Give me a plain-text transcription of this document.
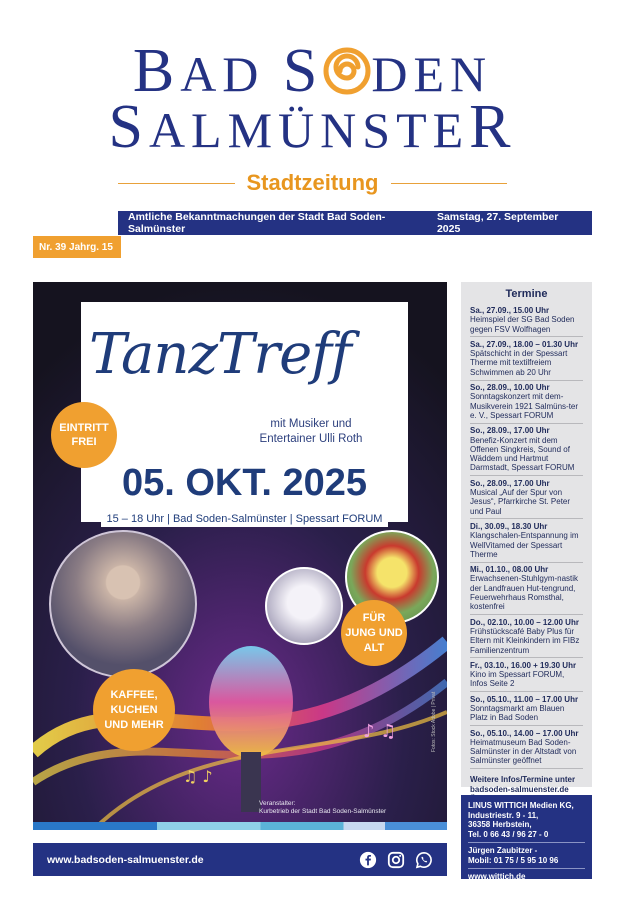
BAD S DEN
SALMÜNSTER
Stadtzeitung
Amtliche Bekanntmachungen der Stadt Bad Soden-Salmünster
Samstag, 27. September 2025
Nr. 39 Jahrg. 15
♪ ♫
♫ ♪
TanzTreff
mit Musiker und
Entertainer Ulli Roth
05. OKT. 2025
15 – 18 Uhr | Bad Soden-Salmünster | Spessart FORUM
EINTRITT
FREI
KAFFEE,
KUCHEN
UND MEHR
FÜR
JUNG UND
ALT
Veranstalter:
Kurbetrieb der Stadt Bad Soden-Salmünster
Fotos: Stock Adobe | Privat
Termine
Sa., 27.09., 15.00 Uhr
Heimspiel der SG Bad Soden gegen FSV Wolfhagen
Sa., 27.09., 18.00 – 01.30 Uhr
Spätschicht in der Spessart Therme mit textilfreiem Schwimmen ab 20 Uhr
So., 28.09., 10.00 Uhr
Sonntagskonzert mit dem-Musikverein 1921 Salmüns-ter e. V., Spessart FORUM
So., 28.09., 17.00 Uhr
Benefiz-Konzert mit dem Offenen Singkreis, Sound of Wäddem und Hartmut Darmstadt, Spessart FORUM
So., 28.09., 17.00 Uhr
Musical „Auf der Spur von Jesus“, Pfarrkirche St. Peter und Paul
Di., 30.09., 18.30 Uhr
Klangschalen-Entspannung im WellVitamed der Spessart Therme
Mi., 01.10., 08.00 Uhr
Erwachsenen-Stuhlgym-nastik der Landfrauen Hut-tengrund, Feuerwehrhaus Romsthal, kostenfrei
Do., 02.10., 10.00 – 12.00 Uhr
Frühstückscafé Baby Plus für Eltern mit Kleinkindern im FIBz Familienzentrum
Fr., 03.10., 16.00 + 19.30 Uhr
Kino im Spessart FORUM, Infos Seite 2
So., 05.10., 11.00 – 17.00 Uhr
Sonntagsmarkt am Blauen Platz in Bad Soden
So., 05.10., 14.00 – 17.00 Uhr
Heimatmuseum Bad Soden-Salmünster in der Altstadt von Salmünster geöffnet
Weitere Infos/Termine unter
badsoden-salmuenster.de
LINUS WITTICH Medien KG,
Industriestr. 9 - 11,
36358 Herbstein,
Tel. 0 66 43 / 96 27 - 0
Jürgen Zaubitzer -
Mobil: 01 75 / 5 95 10 96
www.wittich.de
www.badsoden-salmuenster.de
